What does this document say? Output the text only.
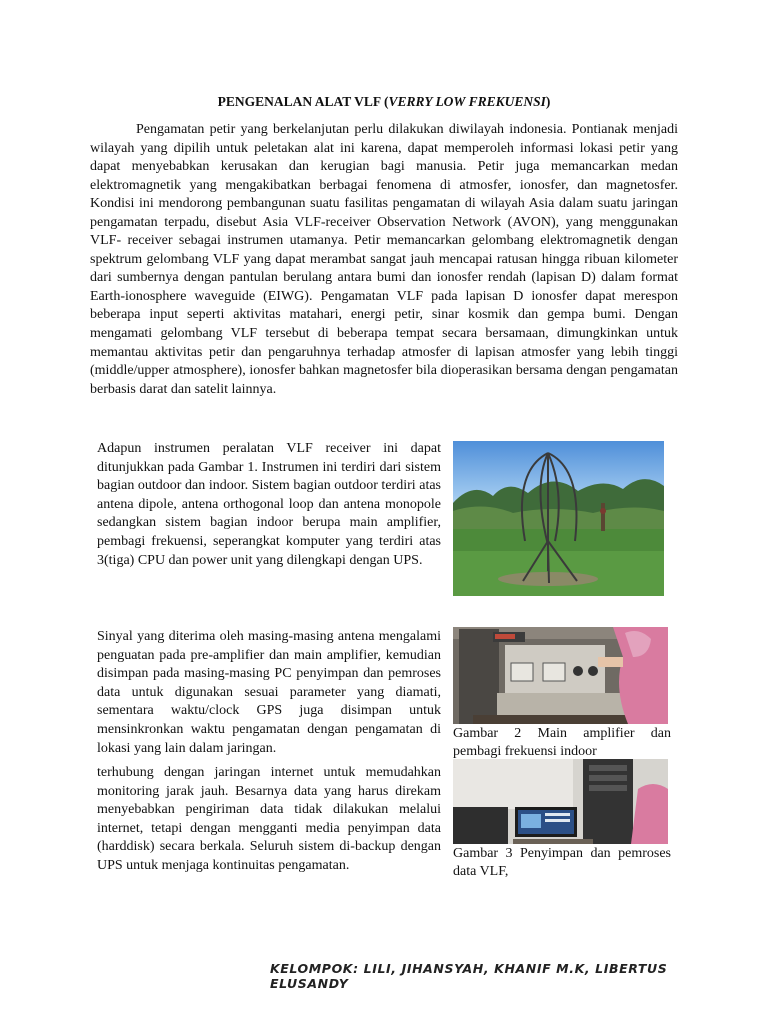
PENGENALAN ALAT VLF (VERRY LOW FREKUENSI)
Pengamatan petir yang berkelanjutan perlu dilakukan diwilayah indonesia. Pontianak menjadi wilayah yang dipilih untuk peletakan alat ini karena, dapat memperoleh informasi lokasi petir yang dapat menyebabkan kerusakan dan kerugian bagi manusia. Petir juga memancarkan medan elektromagnetik yang mengakibatkan berbagai fenomena di atmosfer, ionosfer, dan magnetosfer. Kondisi ini mendorong pembangunan suatu fasilitas pengamatan di wilayah Asia dalam suatu jaringan pengamatan terpadu, disebut Asia VLF-receiver Observation Network (AVON), yang menggunakan VLF- receiver sebagai instrumen utamanya. Petir memancarkan gelombang elektromagnetik dengan spektrum gelombang VLF yang dapat merambat sangat jauh mencapai ratusan hingga ribuan kilometer dari sumbernya dengan pantulan berulang antara bumi dan ionosfer rendah (lapisan D) dalam format Earth-ionosphere waveguide (EIWG). Pengamatan VLF pada lapisan D ionosfer dapat merespon beberapa input seperti aktivitas matahari, energi petir, sinar kosmik dan gempa bumi. Dengan mengamati gelombang VLF tersebut di beberapa tempat secara bersamaan, dimungkinkan untuk memantau aktivitas petir dan pengaruhnya terhadap atmosfer di lapisan atmosfer yang lebih tinggi (middle/upper atmosphere), ionosfer bahkan magnetosfer bila dioperasikan bersama dengan pengamatan berbasis darat dan satelit lainnya.
Adapun instrumen peralatan VLF receiver ini dapat ditunjukkan pada Gambar 1. Instrumen ini terdiri dari sistem bagian outdoor dan indoor. Sistem bagian outdoor terdiri atas antena dipole, antena orthogonal loop dan antena monopole sedangkan sistem bagian indoor berupa main amplifier, pembagi frekuensi, seperangkat komputer yang terdiri atas 3(tiga) CPU dan power unit yang dilengkapi dengan UPS.
Sinyal yang diterima oleh masing-masing antena mengalami penguatan pada pre-amplifier dan main amplifier, kemudian disimpan pada masing-masing PC penyimpan dan pemroses data untuk digunakan sesuai parameter yang diamati, sementara waktu/clock GPS juga disimpan untuk mensinkronkan waktu pengamatan dengan pengamatan di lokasi yang lain dalam jaringan.
Gambar 2 Main amplifier dan pembagi frekuensi indoor
terhubung dengan jaringan internet untuk memudahkan monitoring jarak jauh. Besarnya data yang harus direkam menyebabkan pengiriman data tidak dilakukan melalui internet, tetapi dengan mengganti media penyimpan data (harddisk) secara berkala. Seluruh sistem di-backup dengan UPS untuk menjaga kontinuitas pengamatan.
Gambar 3 Penyimpan dan pemroses data VLF,
KELOMPOK: LILI, JIHANSYAH, KHANIF M.K, LIBERTUS ELUSANDY
